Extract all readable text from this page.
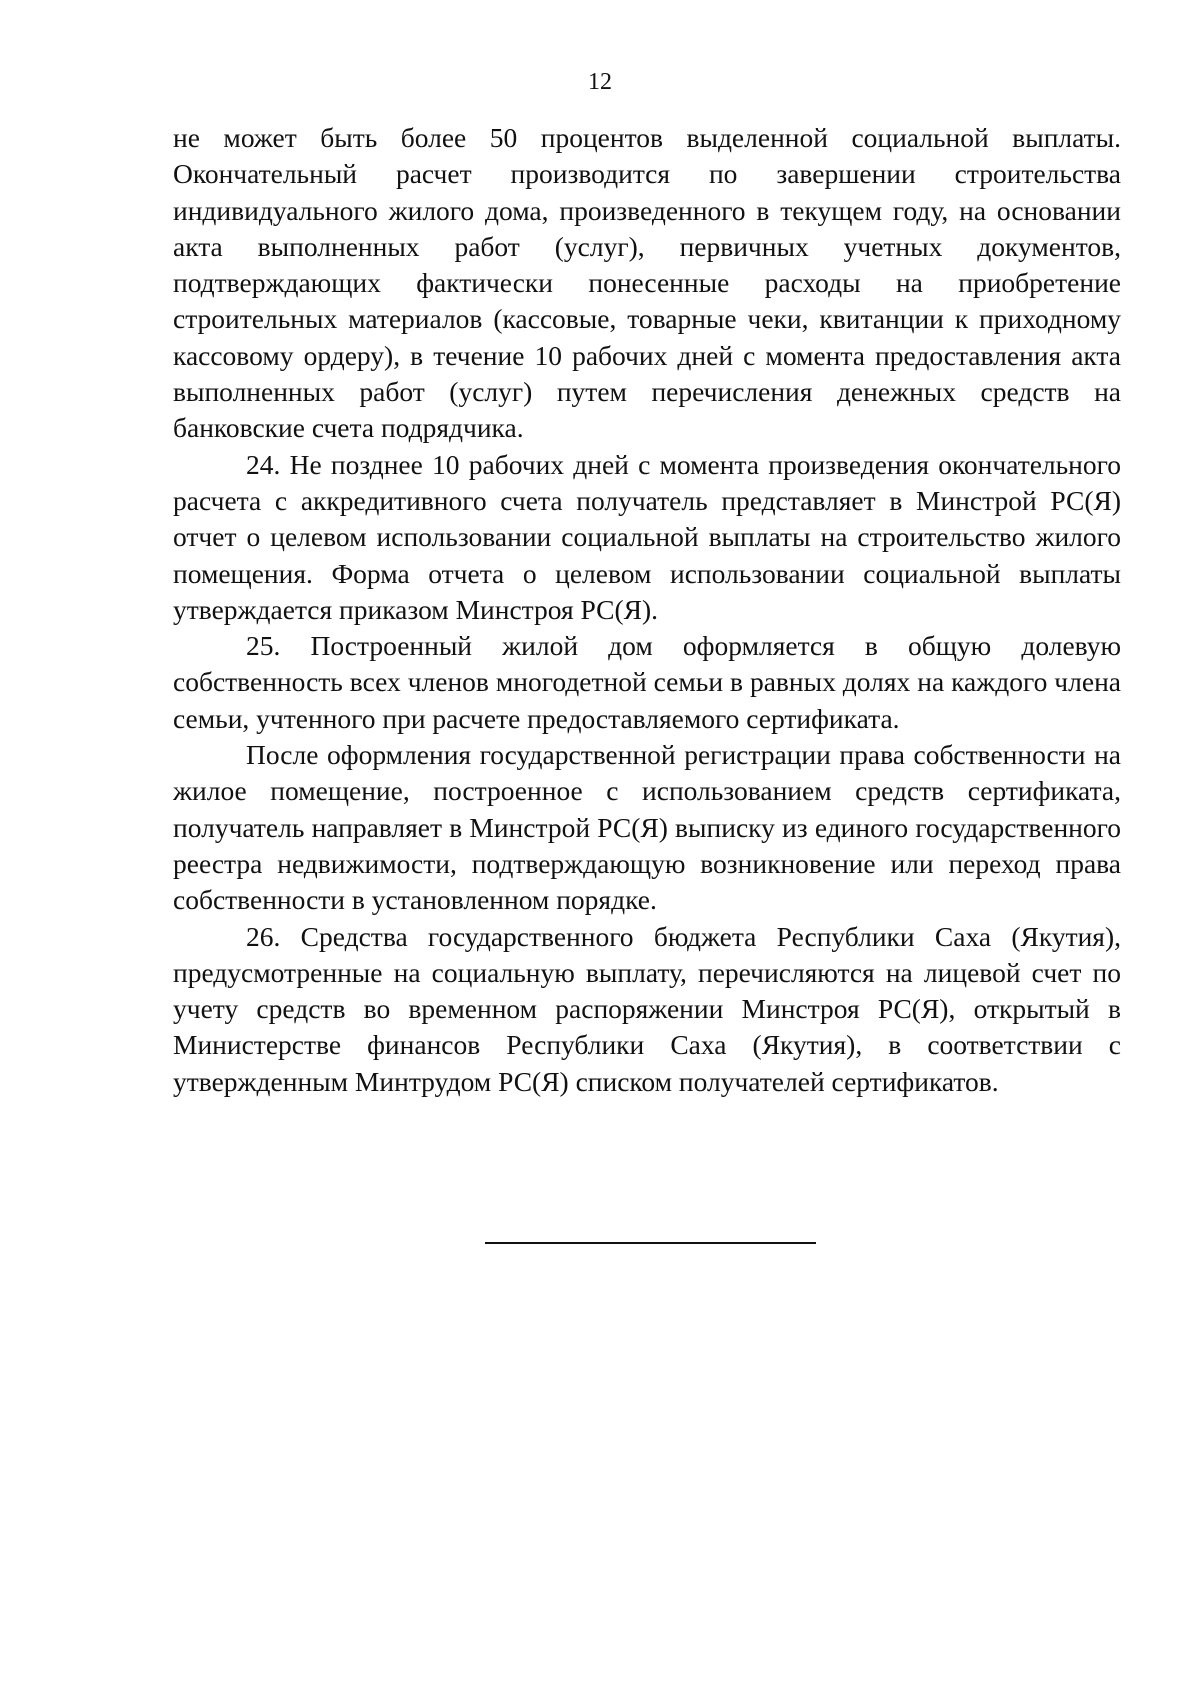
12

не может быть более 50 процентов выделенной социальной выплаты. Окончательный расчет производится по завершении строительства индивидуального жилого дома, произведенного в текущем году, на основании акта выполненных работ (услуг), первичных учетных документов, подтверждающих фактически понесенные расходы на приобретение строительных материалов (кассовые, товарные чеки, квитанции к приходному кассовому ордеру), в течение 10 рабочих дней с момента предоставления акта выполненных работ (услуг) путем перечисления денежных средств на банковские счета подрядчика.

24. Не позднее 10 рабочих дней с момента произведения окончательного расчета с аккредитивного счета получатель представляет в Минстрой РС(Я) отчет о целевом использовании социальной выплаты на строительство жилого помещения. Форма отчета о целевом использовании социальной выплаты утверждается приказом Минстроя РС(Я).

25. Построенный жилой дом оформляется в общую долевую собственность всех членов многодетной семьи в равных долях на каждого члена семьи, учтенного при расчете предоставляемого сертификата.

После оформления государственной регистрации права собственности на жилое помещение, построенное с использованием средств сертификата, получатель направляет в Минстрой РС(Я) выписку из единого государственного реестра недвижимости, подтверждающую возникновение или переход права собственности в установленном порядке.

26. Средства государственного бюджета Республики Саха (Якутия), предусмотренные на социальную выплату, перечисляются на лицевой счет по учету средств во временном распоряжении Минстроя РС(Я), открытый в Министерстве финансов Республики Саха (Якутия), в соответствии с утвержденным Минтрудом РС(Я) списком получателей сертификатов.
